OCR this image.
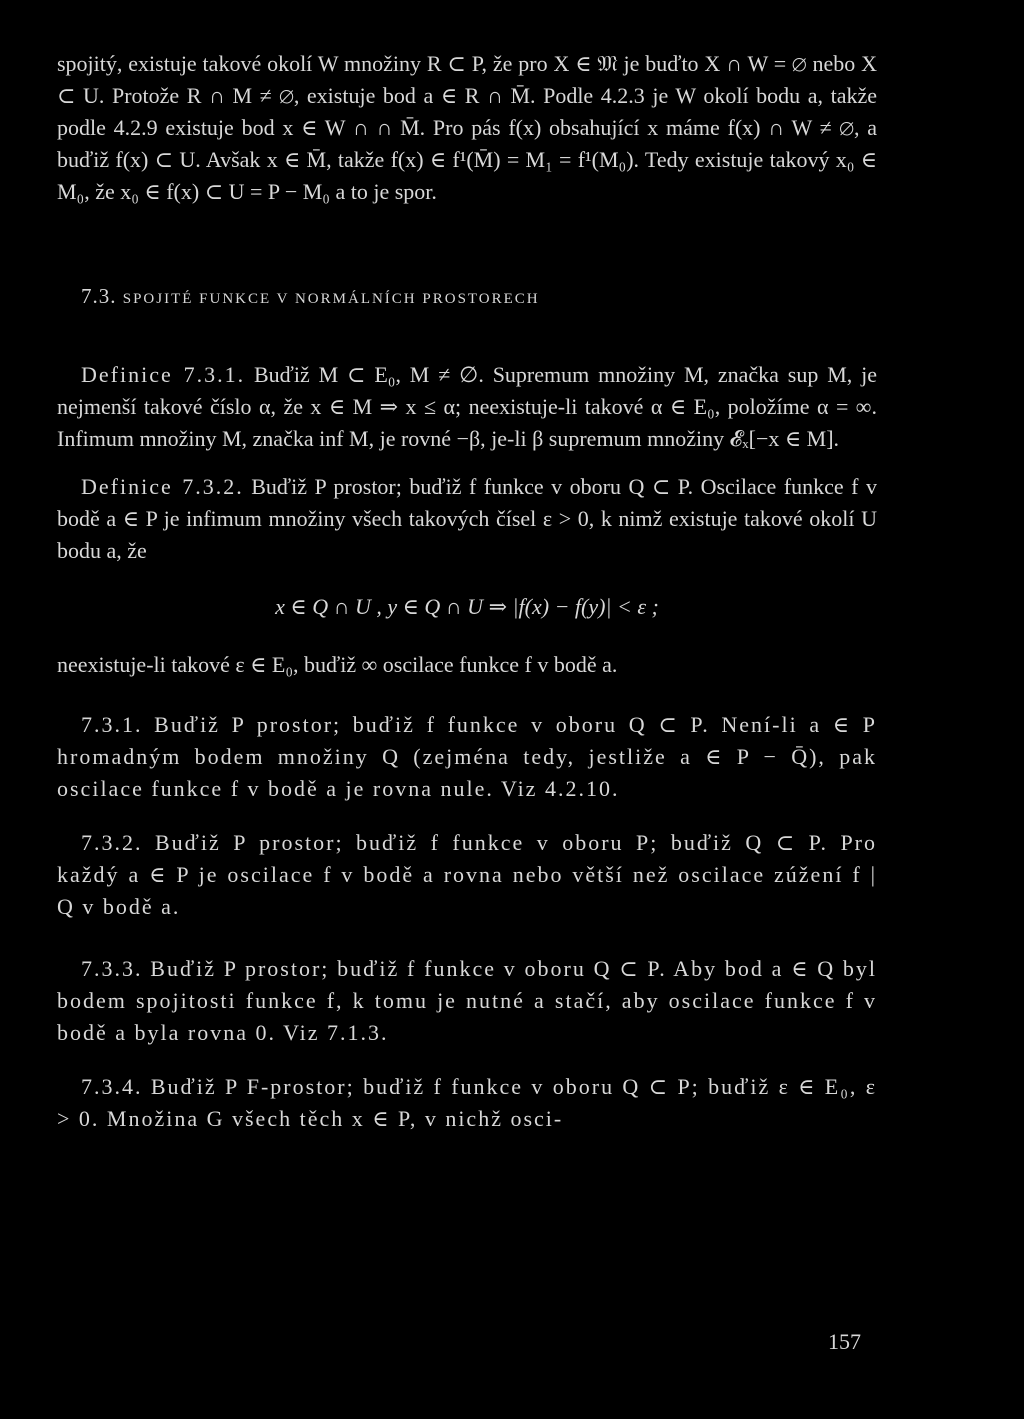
spojitý, existuje takové okolí W množiny R ⊂ P, že pro X ∈ 𝔐 je buďto X ∩ W = ∅ nebo X ⊂ U. Protože R ∩ M ≠ ∅, existuje bod a ∈ R ∩ M̄. Podle 4.2.3 je W okolí bodu a, takže podle 4.2.9 existuje bod x ∈ W ∩ ∩ M̄. Pro pás f(x) obsahující x máme f(x) ∩ W ≠ ∅, a buďiž f(x) ⊂ U. Avšak x ∈ M̄, takže f(x) ∈ f¹(M̄) = M₁ = f¹(M₀). Tedy existuje takový x₀ ∈ M₀, že x₀ ∈ f(x) ⊂ U = P − M₀ a to je spor.

7.3. SPOJITÉ FUNKCE V NORMÁLNÍCH PROSTORECH

Definice 7.3.1. Buďiž M ⊂ E₀, M ≠ ∅. Supremum množiny M, značka sup M, je nejmenší takové číslo α, že x ∈ M ⇒ x ≤ α; neexistuje-li takové α ∈ E₀, položíme α = ∞. Infimum množiny M, značka inf M, je rovné −β, je-li β supremum množiny 𝓔ₓ[−x ∈ M].

Definice 7.3.2. Buďiž P prostor; buďiž f funkce v oboru Q ⊂ P. Oscilace funkce f v bodě a ∈ P je infimum množiny všech takových čísel ε > 0, k nimž existuje takové okolí U bodu a, že

x ∈ Q ∩ U , y ∈ Q ∩ U ⇒ |f(x) − f(y)| < ε ;

neexistuje-li takové ε ∈ E₀, buďiž ∞ oscilace funkce f v bodě a.

7.3.1. Buďiž P prostor; buďiž f funkce v oboru Q ⊂ P. Není-li a ∈ P hromadným bodem množiny Q (zejména tedy, jestliže a ∈ P − Q̄), pak oscilace funkce f v bodě a je rovna nule. Viz 4.2.10.

7.3.2. Buďiž P prostor; buďiž f funkce v oboru P; buďiž Q ⊂ P. Pro každý a ∈ P je oscilace f v bodě a rovna nebo větší než oscilace zúžení f | Q v bodě a.

7.3.3. Buďiž P prostor; buďiž f funkce v oboru Q ⊂ P. Aby bod a ∈ Q byl bodem spojitosti funkce f, k tomu je nutné a stačí, aby oscilace funkce f v bodě a byla rovna 0. Viz 7.1.3.

7.3.4. Buďiž P F-prostor; buďiž f funkce v oboru Q ⊂ P; buďiž ε ∈ E₀, ε > 0. Množina G všech těch x ∈ P, v nichž osci-

157
